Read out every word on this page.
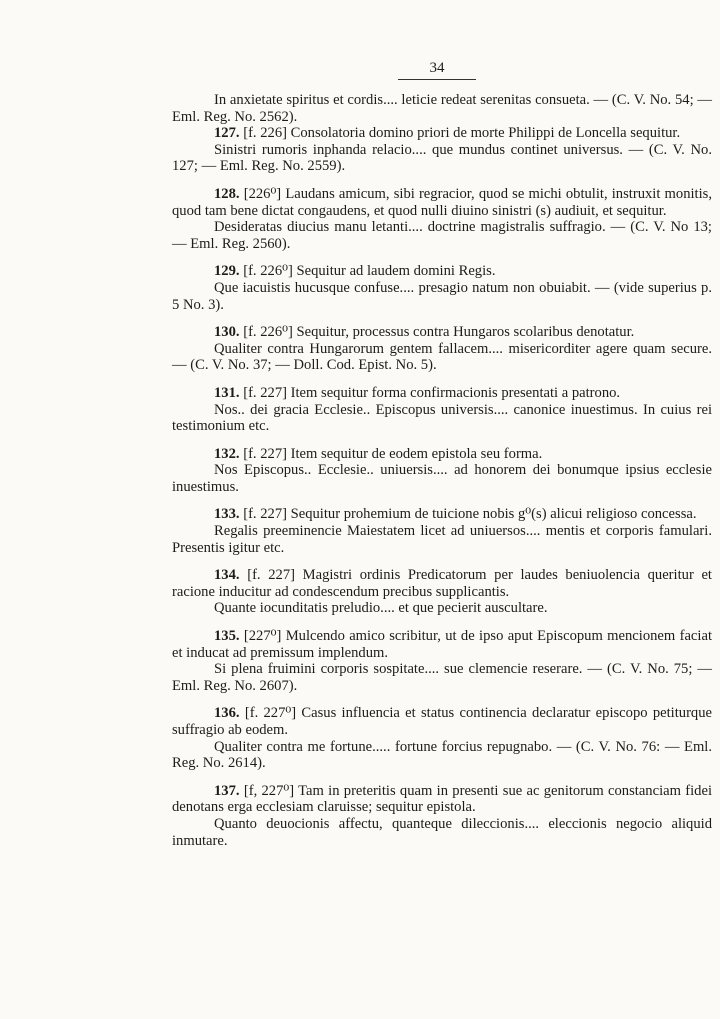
34

In anxietate spiritus et cordis.... leticie redeat serenitas consueta. — (C. V. No. 54; — Eml. Reg. No. 2562).

127. [f. 226] Consolatoria domino priori de morte Philippi de Loncella sequitur.

Sinistri rumoris inphanda relacio.... que mundus continet universus. — (C. V. No. 127; — Eml. Reg. No. 2559).

128. [226⁰] Laudans amicum, sibi regracior, quod se michi obtulit, instruxit monitis, quod tam bene dictat congaudens, et quod nulli diuino sinistri (s) audiuit, et sequitur.

Desideratas diucius manu letanti.... doctrine magistralis suffragio. — (C. V. No 13; — Eml. Reg. 2560).

129. [f. 226⁰] Sequitur ad laudem domini Regis.

Que iacuistis hucusque confuse.... presagio natum non obuiabit. — (vide superius p. 5 No. 3).

130. [f. 226⁰] Sequitur, processus contra Hungaros scolaribus denotatur.

Qualiter contra Hungarorum gentem fallacem.... misericorditer agere quam secure. — (C. V. No. 37; — Doll. Cod. Epist. No. 5).

131. [f. 227] Item sequitur forma confirmacionis presentati a patrono.

Nos.. dei gracia Ecclesie.. Episcopus universis.... canonice inuestimus. In cuius rei testimonium etc.

132. [f. 227] Item sequitur de eodem epistola seu forma.

Nos Episcopus.. Ecclesie.. uniuersis.... ad honorem dei bonumque ipsius ecclesie inuestimus.

133. [f. 227] Sequitur prohemium de tuicione nobis g⁰(s) alicui religioso concessa.

Regalis preeminencie Maiestatem licet ad uniuersos.... mentis et corporis famulari. Presentis igitur etc.

134. [f. 227] Magistri ordinis Predicatorum per laudes beniuolencia queritur et racione inducitur ad condescendum precibus supplicantis.

Quante iocunditatis preludio.... et que pecierit auscultare.

135. [227⁰] Mulcendo amico scribitur, ut de ipso aput Episcopum mencionem faciat et inducat ad premissum implendum.

Si plena fruimini corporis sospitate.... sue clemencie reserare. — (C. V. No. 75; — Eml. Reg. No. 2607).

136. [f. 227⁰] Casus influencia et status continencia declaratur episcopo petiturque suffragio ab eodem.

Qualiter contra me fortune..... fortune forcius repugnabo. — (C. V. No. 76: — Eml. Reg. No. 2614).

137. [f, 227⁰] Tam in preteritis quam in presenti sue ac genitorum constanciam fidei denotans erga ecclesiam claruisse; sequitur epistola.

Quanto deuocionis affectu, quanteque dileccionis.... eleccionis negocio aliquid inmutare.
